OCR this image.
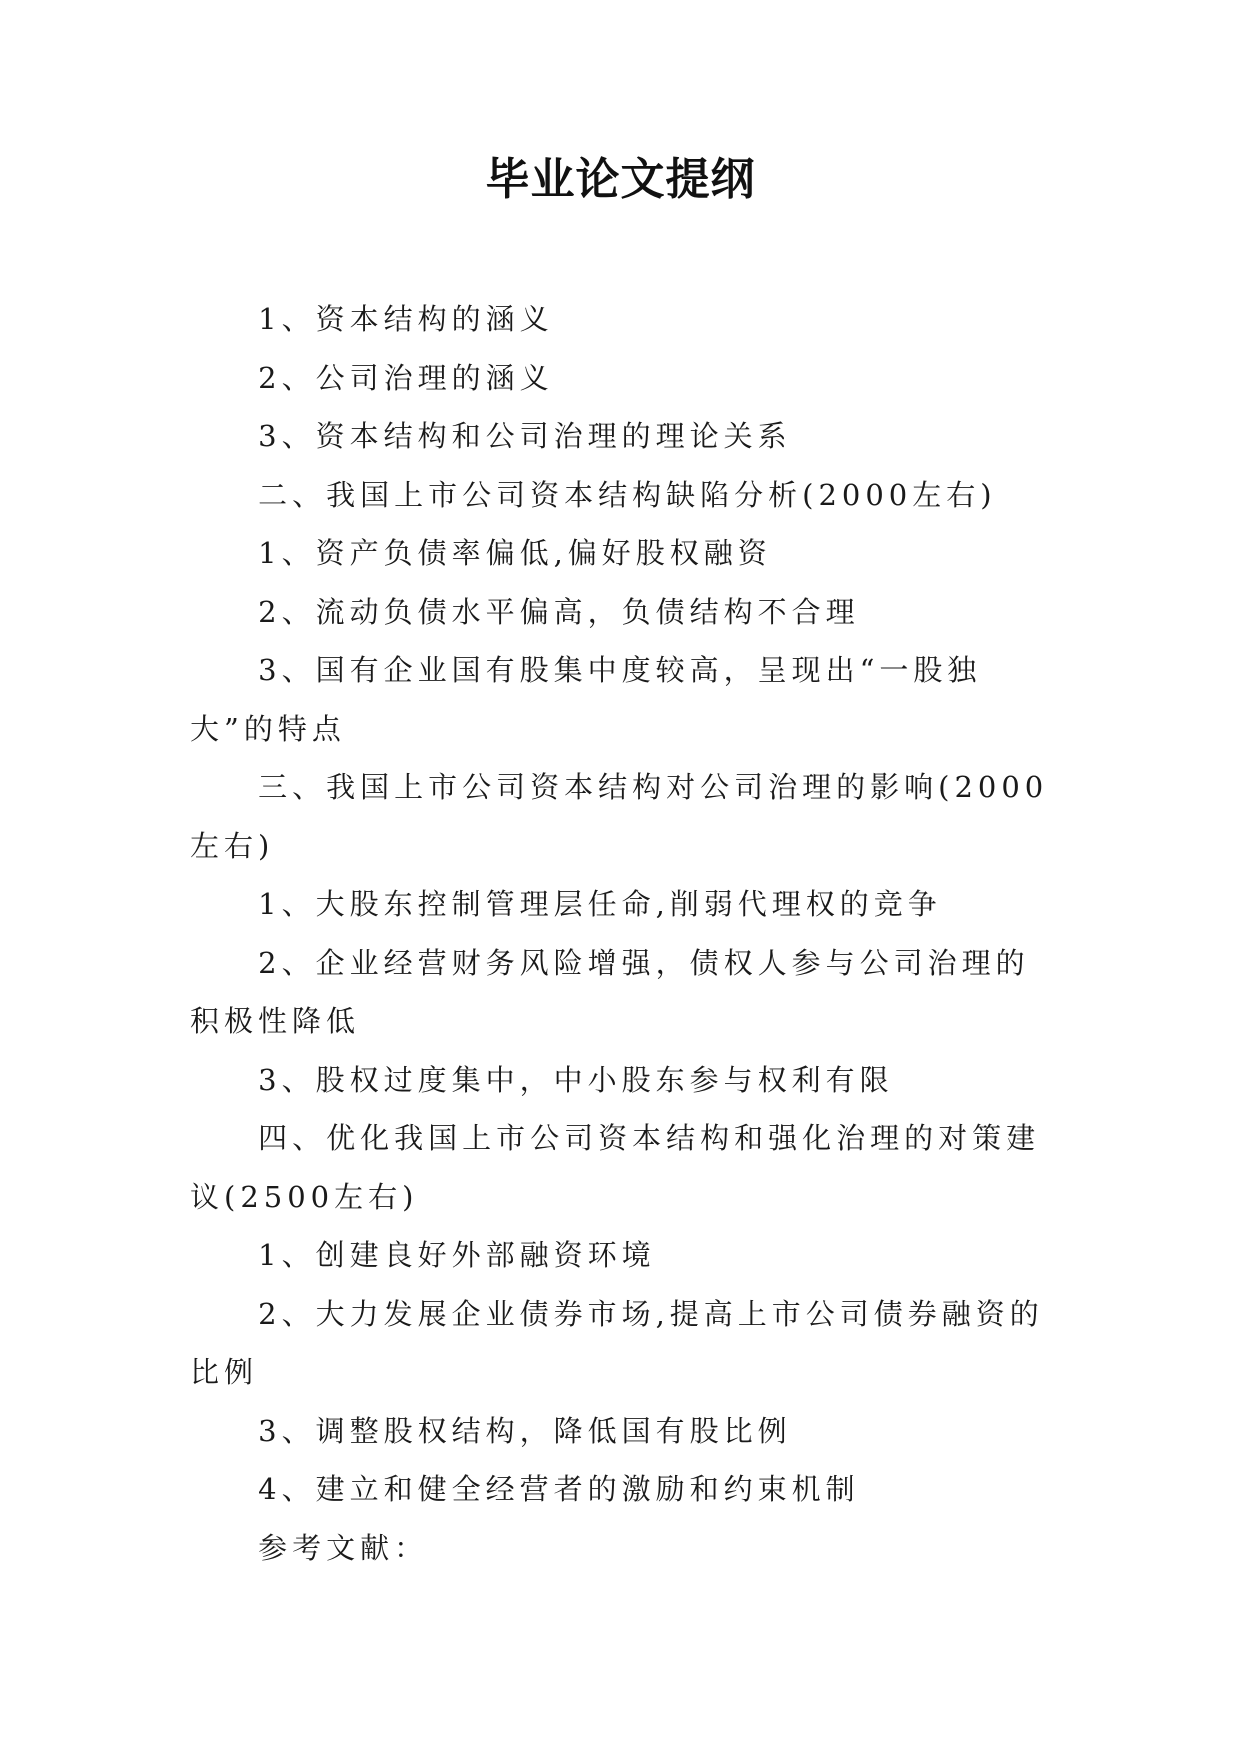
毕业论文提纲

1、资本结构的涵义

2、公司治理的涵义

3、资本结构和公司治理的理论关系

二、我国上市公司资本结构缺陷分析(2000左右)

1、资产负债率偏低,偏好股权融资

2、流动负债水平偏高，负债结构不合理

3、国有企业国有股集中度较高，呈现出“一股独大”的特点

三、我国上市公司资本结构对公司治理的影响(2000左右)

1、大股东控制管理层任命,削弱代理权的竞争

2、企业经营财务风险增强，债权人参与公司治理的积极性降低

3、股权过度集中，中小股东参与权利有限

四、优化我国上市公司资本结构和强化治理的对策建议(2500左右)

1、创建良好外部融资环境

2、大力发展企业债券市场,提高上市公司债券融资的比例

3、调整股权结构，降低国有股比例

4、建立和健全经营者的激励和约束机制

参考文献：
